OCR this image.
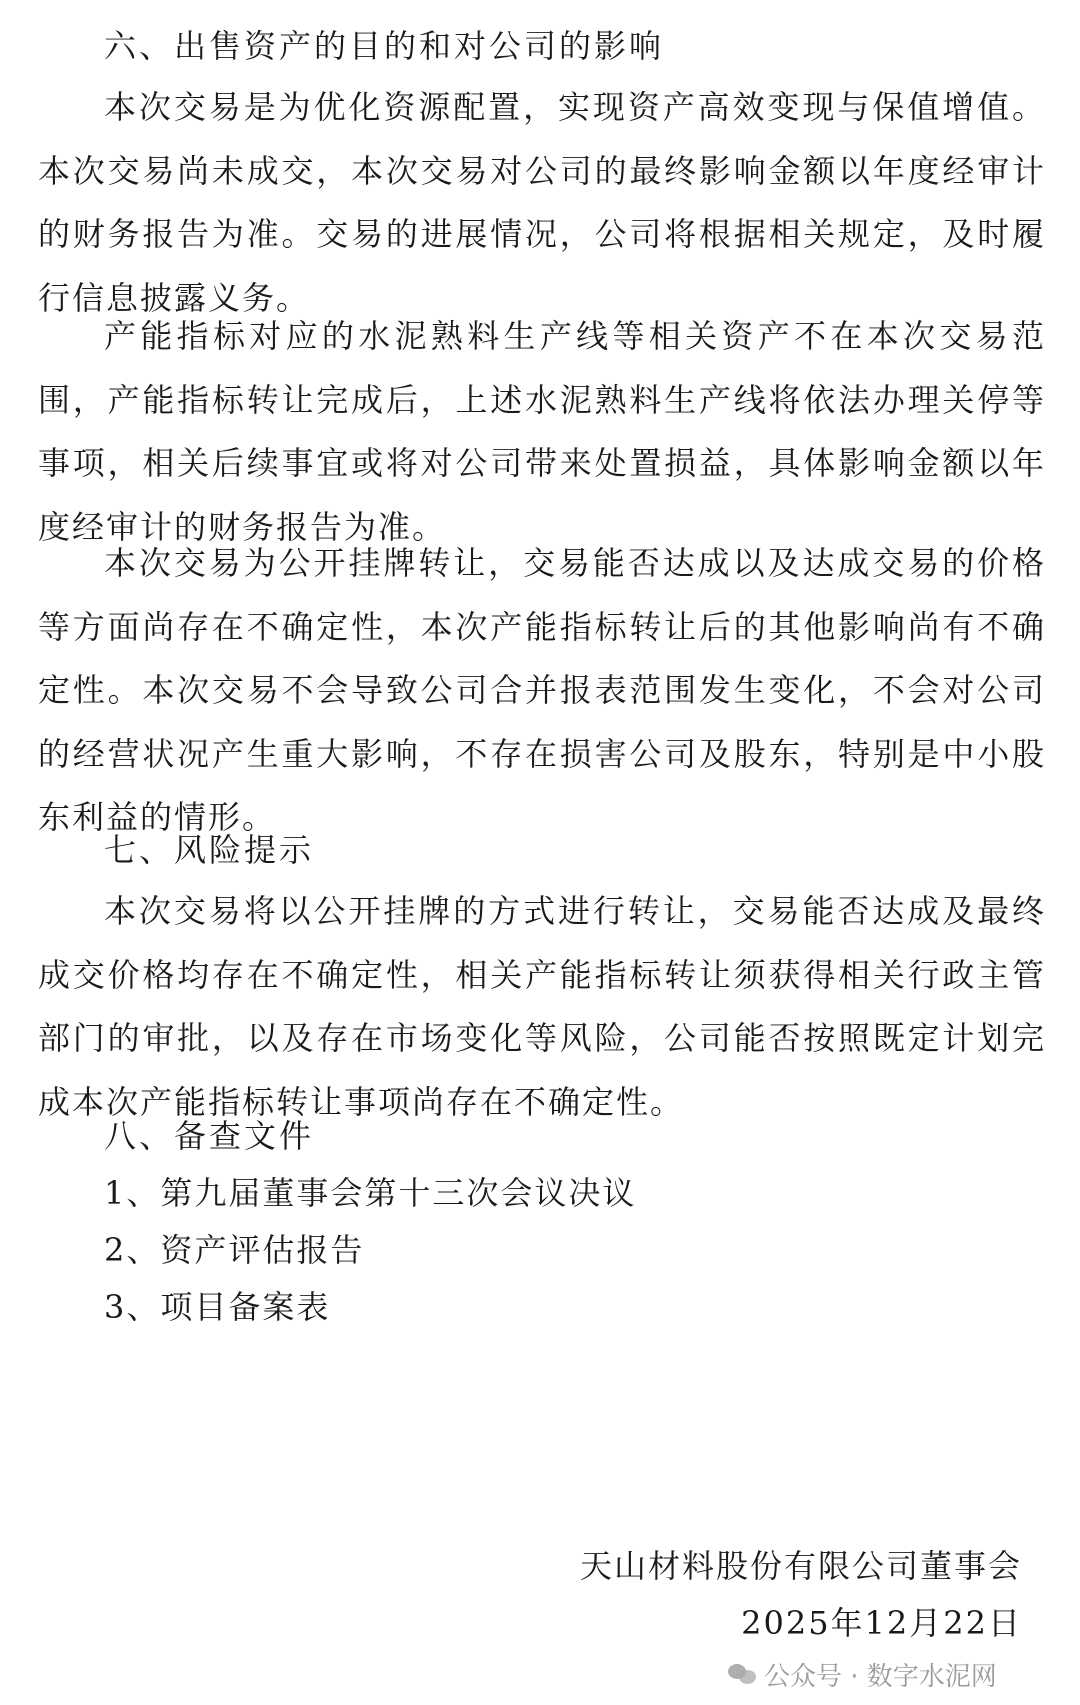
六、出售资产的目的和对公司的影响

本次交易是为优化资源配置，实现资产高效变现与保值增值。本次交易尚未成交，本次交易对公司的最终影响金额以年度经审计的财务报告为准。交易的进展情况，公司将根据相关规定，及时履行信息披露义务。

产能指标对应的水泥熟料生产线等相关资产不在本次交易范围，产能指标转让完成后，上述水泥熟料生产线将依法办理关停等事项，相关后续事宜或将对公司带来处置损益，具体影响金额以年度经审计的财务报告为准。

本次交易为公开挂牌转让，交易能否达成以及达成交易的价格等方面尚存在不确定性，本次产能指标转让后的其他影响尚有不确定性。本次交易不会导致公司合并报表范围发生变化，不会对公司的经营状况产生重大影响，不存在损害公司及股东，特别是中小股东利益的情形。

七、风险提示

本次交易将以公开挂牌的方式进行转让，交易能否达成及最终成交价格均存在不确定性，相关产能指标转让须获得相关行政主管部门的审批，以及存在市场变化等风险，公司能否按照既定计划完成本次产能指标转让事项尚存在不确定性。

八、备查文件
1、第九届董事会第十三次会议决议
2、资产评估报告
3、项目备案表
天山材料股份有限公司董事会
2025年12月22日
公众号 · 数字水泥网
